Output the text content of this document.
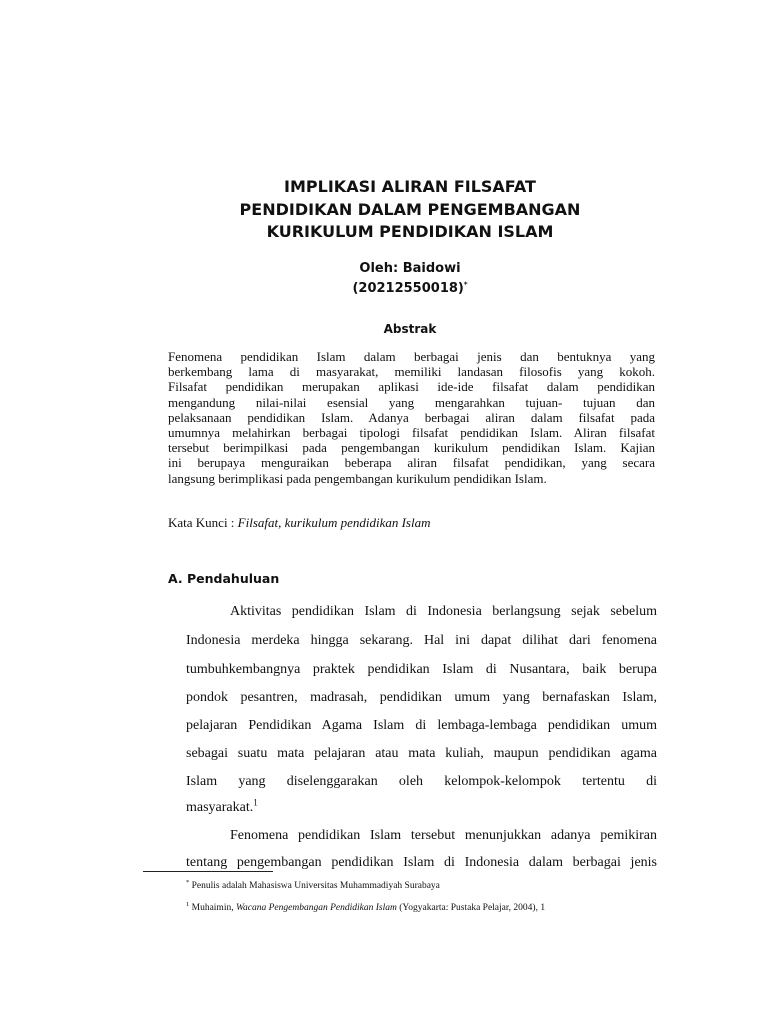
IMPLIKASI ALIRAN FILSAFAT
PENDIDIKAN DALAM PENGEMBANGAN
KURIKULUM PENDIDIKAN ISLAM
Oleh: Baidowi
(20212550018)*
Abstrak
Fenomena pendidikan Islam dalam berbagai jenis dan bentuknya yang
berkembang lama di masyarakat, memiliki landasan filosofis yang kokoh.
Filsafat pendidikan merupakan aplikasi ide-ide filsafat dalam pendidikan
mengandung nilai-nilai esensial yang mengarahkan tujuan- tujuan dan
pelaksanaan pendidikan Islam. Adanya berbagai aliran dalam filsafat pada
umumnya melahirkan berbagai tipologi filsafat pendidikan Islam. Aliran filsafat
tersebut berimpilkasi pada pengembangan kurikulum pendidikan Islam. Kajian
ini berupaya menguraikan beberapa aliran filsafat pendidikan, yang secara
langsung berimplikasi pada pengembangan kurikulum pendidikan Islam.
Kata Kunci : Filsafat, kurikulum pendidikan Islam
A. Pendahuluan
Aktivitas pendidikan Islam di Indonesia berlangsung sejak sebelum
Indonesia merdeka hingga sekarang. Hal ini dapat dilihat dari fenomena
tumbuhkembangnya praktek pendidikan Islam di Nusantara, baik berupa
pondok pesantren, madrasah, pendidikan umum yang bernafaskan Islam,
pelajaran Pendidikan Agama Islam di lembaga-lembaga pendidikan umum
sebagai suatu mata pelajaran atau mata kuliah, maupun pendidikan agama
Islam yang diselenggarakan oleh kelompok-kelompok tertentu di
masyarakat.$^1$
Fenomena pendidikan Islam tersebut menunjukkan adanya pemikiran
tentang pengembangan pendidikan Islam di Indonesia dalam berbagai jenis
* Penulis adalah Mahasiswa Universitas Muhammadiyah Surabaya
$^1$ Muhaimin, Wacana Pengembangan Pendidikan Islam (Yogyakarta: Pustaka Pelajar, 2004), 1
